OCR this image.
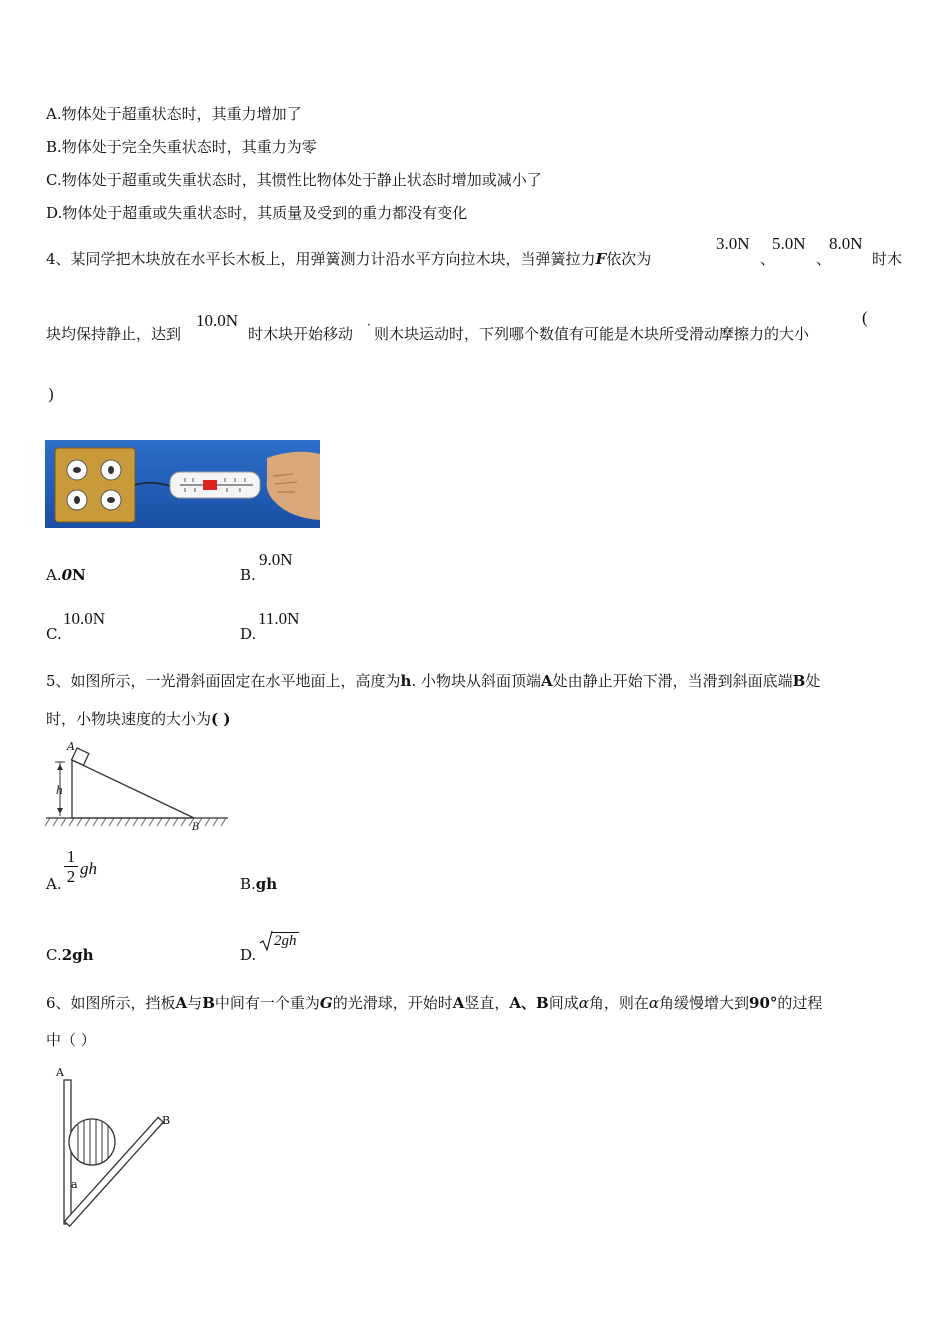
A.物体处于超重状态时，其重力增加了
B.物体处于完全失重状态时，其重力为零
C.物体处于超重或失重状态时，其惯性比物体处于静止状态时增加或减小了
D.物体处于超重或失重状态时，其质量及受到的重力都没有变化
4、某同学把木块放在水平长木板上，用弹簧测力计沿水平方向拉木块，当弹簧拉力F依次为
3.0N
、
5.0N
、
8.0N
时木
块均保持静止，达到
10.0N
时木块开始移动 · 则木块运动时，下列哪个数值有可能是木块所受滑动摩擦力的大小
(
)
A.0N	B.
9.0N
C.
10.0N
D.
11.0N
5、如图所示，一光滑斜面固定在水平地面上，高度为h. 小物块从斜面顶端A处由静止开始下滑，当滑到斜面底端B处
时，小物块速度的大小为( )
A
h
B
A.
1
2 gh
B.gh
C.2gh	D.
2gh
6、如图所示，挡板A与B中间有一个重为G的光滑球，开始时A竖直，A、B间成α角，则在α角缓慢增大到90°的过程
中（ ）
A
B
a
